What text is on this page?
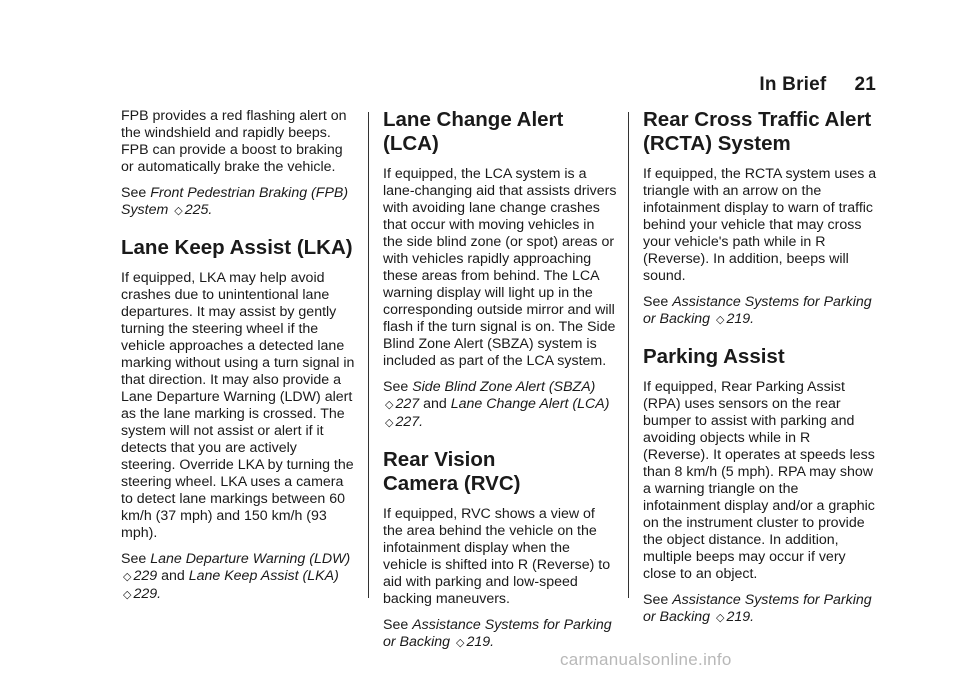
In Brief 21

FPB provides a red flashing alert on the windshield and rapidly beeps. FPB can provide a boost to braking or automatically brake the vehicle.

See Front Pedestrian Braking (FPB) System ◇ 225.

Lane Keep Assist (LKA)

If equipped, LKA may help avoid crashes due to unintentional lane departures. It may assist by gently turning the steering wheel if the vehicle approaches a detected lane marking without using a turn signal in that direction. It may also provide a Lane Departure Warning (LDW) alert as the lane marking is crossed. The system will not assist or alert if it detects that you are actively steering. Override LKA by turning the steering wheel. LKA uses a camera to detect lane markings between 60 km/h (37 mph) and 150 km/h (93 mph).

See Lane Departure Warning (LDW)
◇ 229 and Lane Keep Assist (LKA)
◇ 229.

Lane Change Alert (LCA)

If equipped, the LCA system is a lane-changing aid that assists drivers with avoiding lane change crashes that occur with moving vehicles in the side blind zone (or spot) areas or with vehicles rapidly approaching these areas from behind. The LCA warning display will light up in the corresponding outside mirror and will flash if the turn signal is on. The Side Blind Zone Alert (SBZA) system is included as part of the LCA system.

See Side Blind Zone Alert (SBZA)
◇ 227 and Lane Change Alert (LCA)
◇ 227.

Rear Vision
Camera (RVC)

If equipped, RVC shows a view of the area behind the vehicle on the infotainment display when the vehicle is shifted into R (Reverse) to aid with parking and low-speed backing maneuvers.

See Assistance Systems for Parking or Backing ◇ 219.

Rear Cross Traffic Alert
(RCTA) System

If equipped, the RCTA system uses a triangle with an arrow on the infotainment display to warn of traffic behind your vehicle that may cross your vehicle's path while in R (Reverse). In addition, beeps will sound.

See Assistance Systems for Parking or Backing ◇ 219.

Parking Assist

If equipped, Rear Parking Assist (RPA) uses sensors on the rear bumper to assist with parking and avoiding objects while in R (Reverse). It operates at speeds less than 8 km/h (5 mph). RPA may show a warning triangle on the infotainment display and/or a graphic on the instrument cluster to provide the object distance. In addition, multiple beeps may occur if very close to an object.

See Assistance Systems for Parking or Backing ◇ 219.

carmanualsonline.info
